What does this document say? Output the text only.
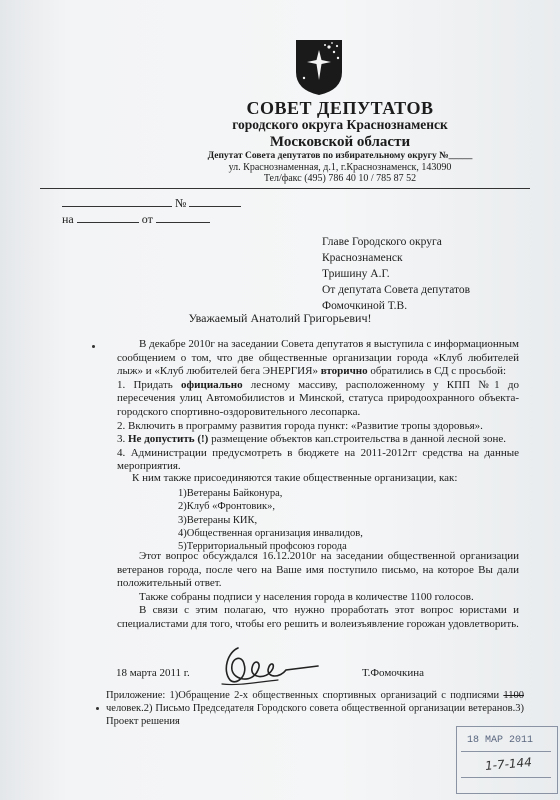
СОВЕТ ДЕПУТАТОВ
городского округа Краснознаменск
Московской области
Депутат Совета депутатов по избирательному округу №_____
ул. Краснознаменная, д.1, г.Краснознаменск, 143090
Тел/факс (495) 786 40 10 / 785 87 52
№
на	от
Главе Городского округа
Краснознаменск
Тришину А.Г.
От депутата Совета депутатов
Фомочкиной Т.В.
Уважаемый Анатолий Григорьевич!

В декабре 2010г на заседании Совета депутатов я выступила с информационным сообщением о том, что две общественные организации города «Клуб любителей лыж» и «Клуб любителей бега ЭНЕРГИЯ» вторично обратились в СД с просьбой:

1. Придать официально лесному массиву, расположенному у КПП №1 до пересечения улиц Автомобилистов и Минской, статуса природоохранного объекта- городского спортивно-оздоровительного лесопарка.

2. Включить в программу развития города пункт: «Развитие тропы здоровья».

3. Не допустить (!) размещение объектов кап.строительства в данной лесной зоне.

4. Администрации предусмотреть в бюджете на 2011-2012гг средства на данные мероприятия.

К ним также присоединяются такие общественные организации, как:
1)Ветераны Байконура,
2)Клуб «Фронтовик»,
3)Ветераны КИК,
4)Общественная организация инвалидов,
5)Территориальный профсоюз города

Этот вопрос обсуждался 16.12.2010г на заседании общественной организации ветеранов города, после чего на Ваше имя поступило письмо, на которое Вы дали положительный ответ.

Также собраны подписи у населения города в количестве 1100 голосов.

В связи с этим полагаю, что нужно проработать этот вопрос юристами и специалистами для того, чтобы его решить и волеизъявление горожан удовлетворить.

18 марта 2011 г.	Т.Фомочкина
Приложение: 1)Обращение 2-х общественных спортивных организаций с подписями 1100 человек.2) Письмо Председателя Городского совета общественной организации ветеранов.3) Проект решения
18 МАР 2011
1-7-144
